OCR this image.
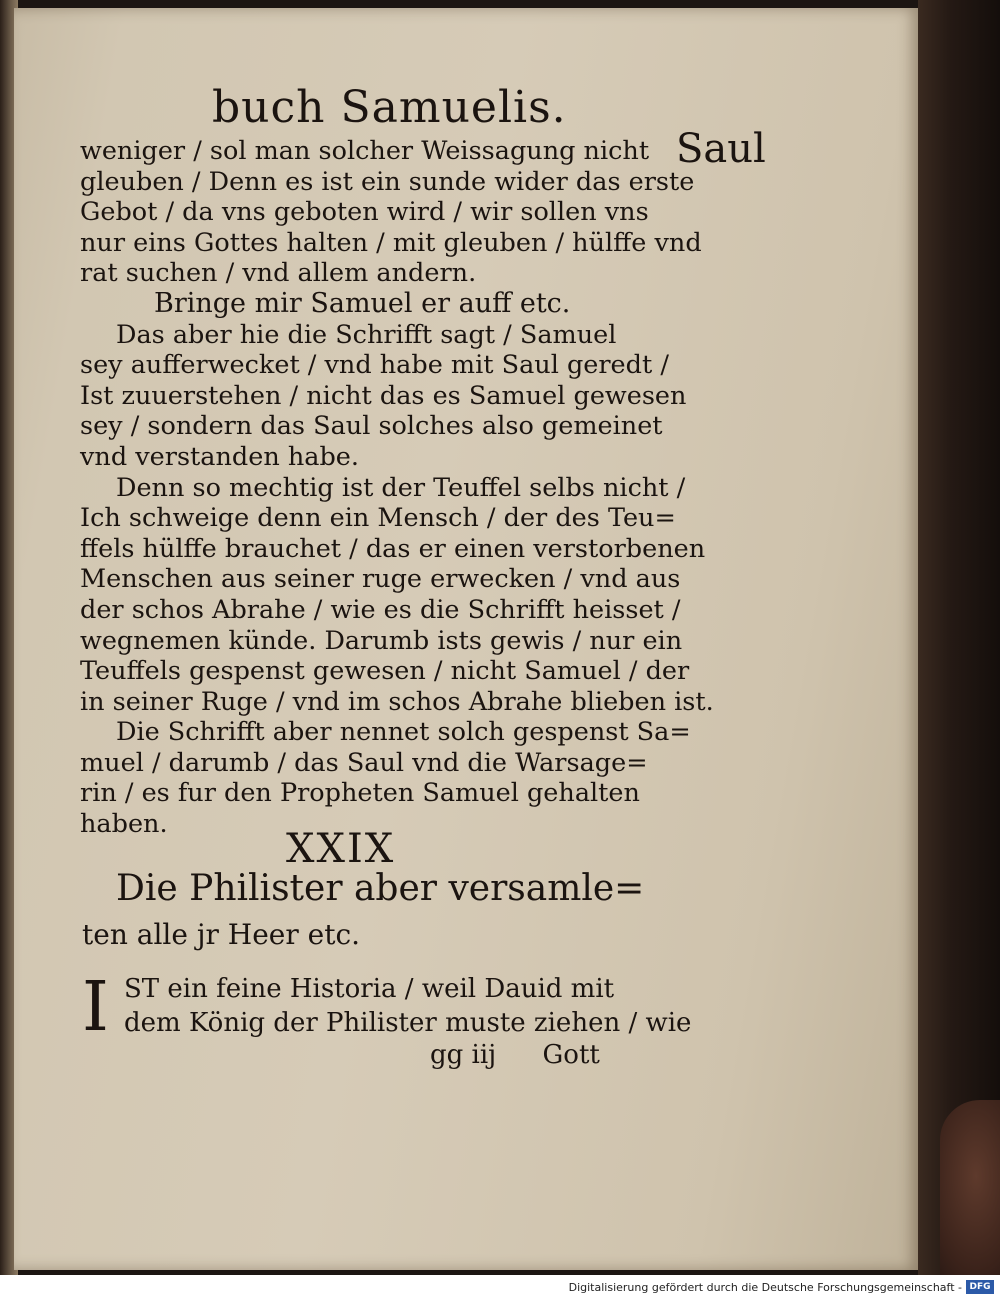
buch Samuelis.
Saul
weniger / sol man solcher Weissagung nicht
gleuben / Denn es ist ein sunde wider das erste
Gebot / da vns geboten wird / wir sollen vns
nur eins Gottes halten / mit gleuben / hülffe vnd
rat suchen / vnd allem andern.
Bringe mir Samuel er auff etc.
Das aber hie die Schrifft sagt / Samuel
sey aufferwecket / vnd habe mit Saul geredt /
Ist zuuerstehen / nicht das es Samuel gewesen
sey / sondern das Saul solches also gemeinet
vnd verstanden habe.
Denn so mechtig ist der Teuffel selbs nicht /
Ich schweige denn ein Mensch / der des Teu=
ffels hülffe brauchet / das er einen verstorbenen
Menschen aus seiner ruge erwecken / vnd aus
der schos Abrahe / wie es die Schrifft heisset /
wegnemen künde. Darumb ists gewis / nur ein
Teuffels gespenst gewesen / nicht Samuel / der
in seiner Ruge / vnd im schos Abrahe blieben ist.
Die Schrifft aber nennet solch gespenst Sa=
muel / darumb / das Saul vnd die Warsage=
rin / es fur den Propheten Samuel gehalten
haben.
XXIX
Die Philister aber versamle=
ten alle jr Heer etc.
I ST ein feine Historia / weil Dauid mit
dem König der Philister muste ziehen / wie
gg iij Gott
Digitalisierung gefördert durch die Deutsche Forschungsgemeinschaft - DFG
